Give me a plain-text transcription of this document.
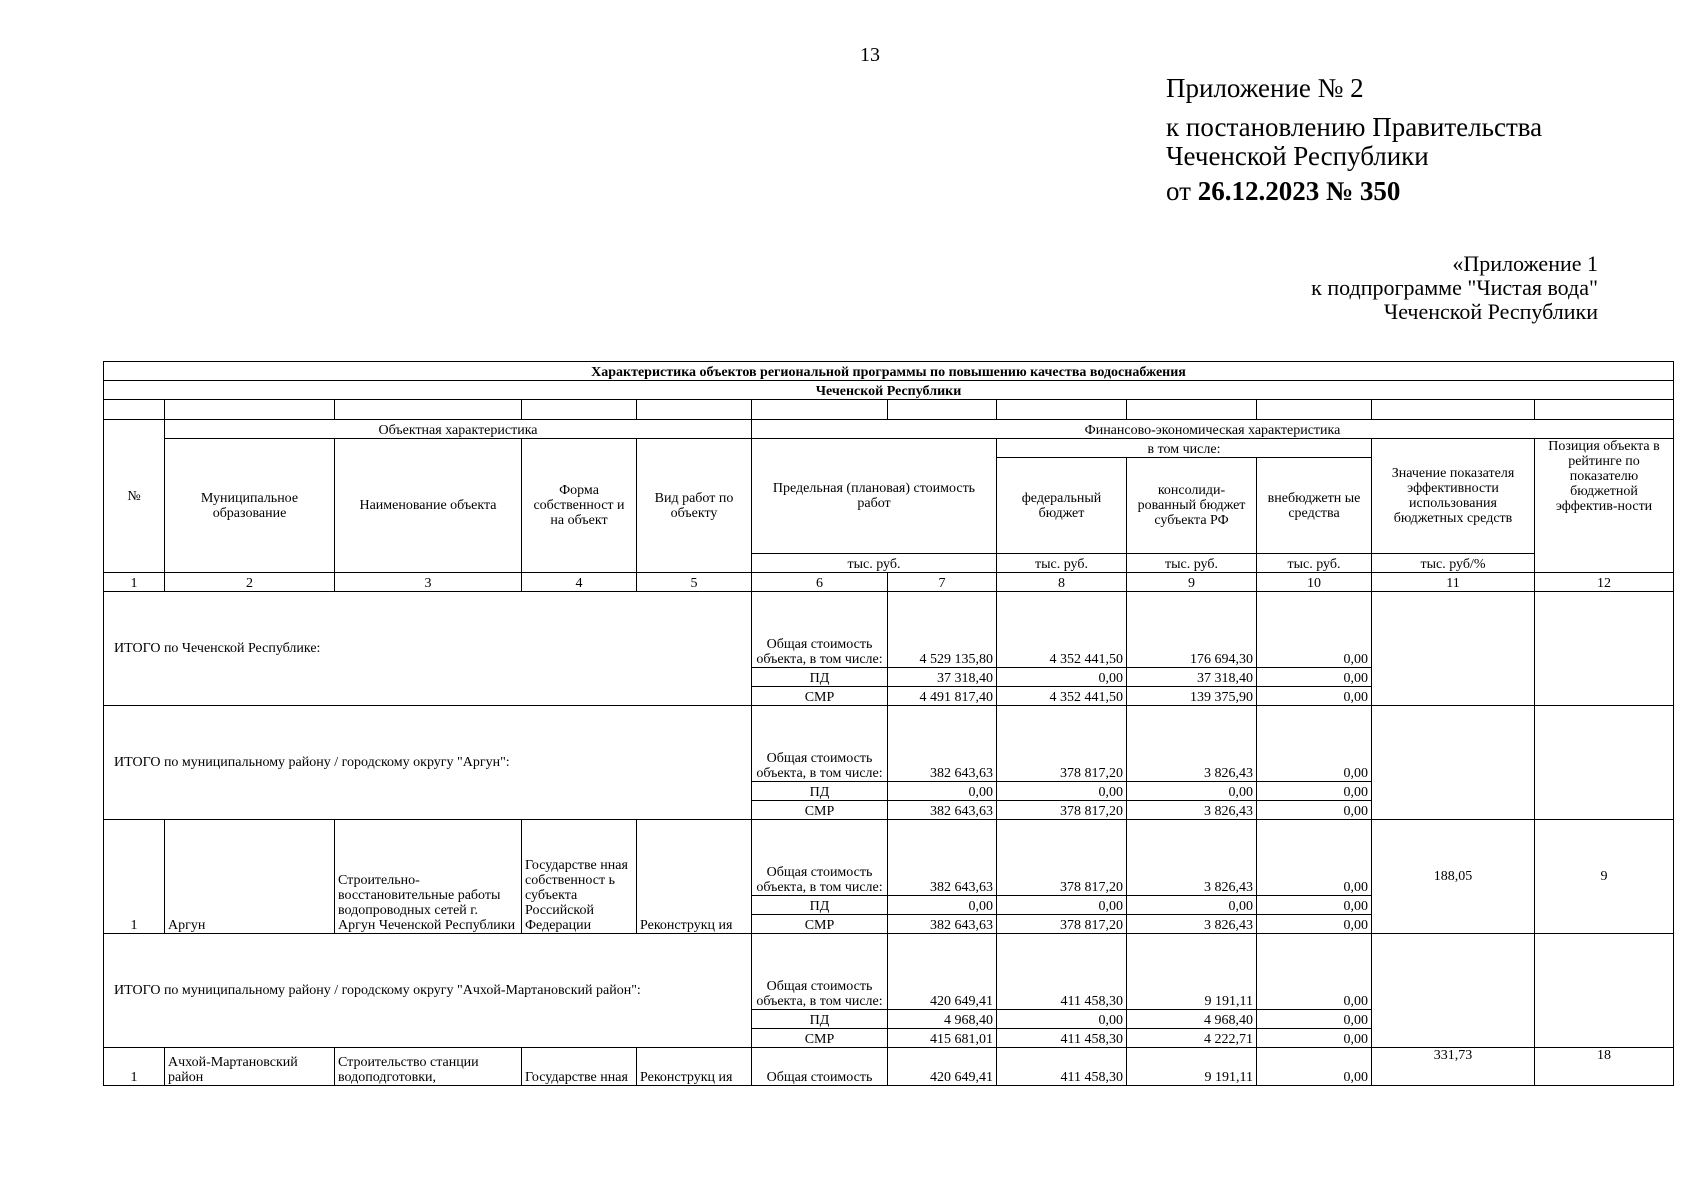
13
Приложение № 2
к постановлению Правительства
Чеченской Республики
от 26.12.2023 № 350
«Приложение 1
к подпрограмме "Чистая вода"
Чеченской Республики
Характеристика объектов региональной программы по повышению качества водоснабжения											
Чеченской Республики											

№	Объектная характеристика				Финансово-экономическая характеристика						
	Муниципальное образование	Наименование объекта	Форма собственност и на объект	Вид работ по объекту	Предельная (плановая) стоимость работ		в том числе:			Значение показателя эффективности использования бюджетных средств	Позиция объекта в рейтинге по показателю бюджетной эффектив-ности
							федеральный бюджет	консолиди-рованный бюджет субъекта РФ	внебюджетн ые средства		
					тыс. руб.		тыс. руб.	тыс. руб.	тыс. руб.	тыс. руб/%	
1	2	3	4	5	6	7	8	9	10	11	12
ИТОГО по Чеченской Республике:					Общая стоимость объекта, в том числе:	4 529 135,80	4 352 441,50	176 694,30	0,00		
					ПД	37 318,40	0,00	37 318,40	0,00		
					СМР	4 491 817,40	4 352 441,50	139 375,90	0,00		
ИТОГО по муниципальному району / городскому округу "Аргун":					Общая стоимость объекта, в том числе:	382 643,63	378 817,20	3 826,43	0,00		
					ПД	0,00	0,00	0,00	0,00		
					СМР	382 643,63	378 817,20	3 826,43	0,00		
1	Аргун	Строительно-восстановительные работы водопроводных сетей г. Аргун Чеченской Республики	Государстве нная собственност ь субъекта Российской Федерации	Реконструкц ия	Общая стоимость объекта, в том числе:	382 643,63	378 817,20	3 826,43	0,00	188,05	9
					ПД	0,00	0,00	0,00	0,00		
					СМР	382 643,63	378 817,20	3 826,43	0,00		
ИТОГО по муниципальному району / городскому округу "Ачхой-Мартановский район":					Общая стоимость объекта, в том числе:	420 649,41	411 458,30	9 191,11	0,00		
					ПД	4 968,40	0,00	4 968,40	0,00		
					СМР	415 681,01	411 458,30	4 222,71	0,00		
1	Ачхой-Мартановский район	Строительство станции водоподготовки,	Государстве нная	Реконструкц ия	Общая стоимость	420 649,41	411 458,30	9 191,11	0,00	331,73	18
